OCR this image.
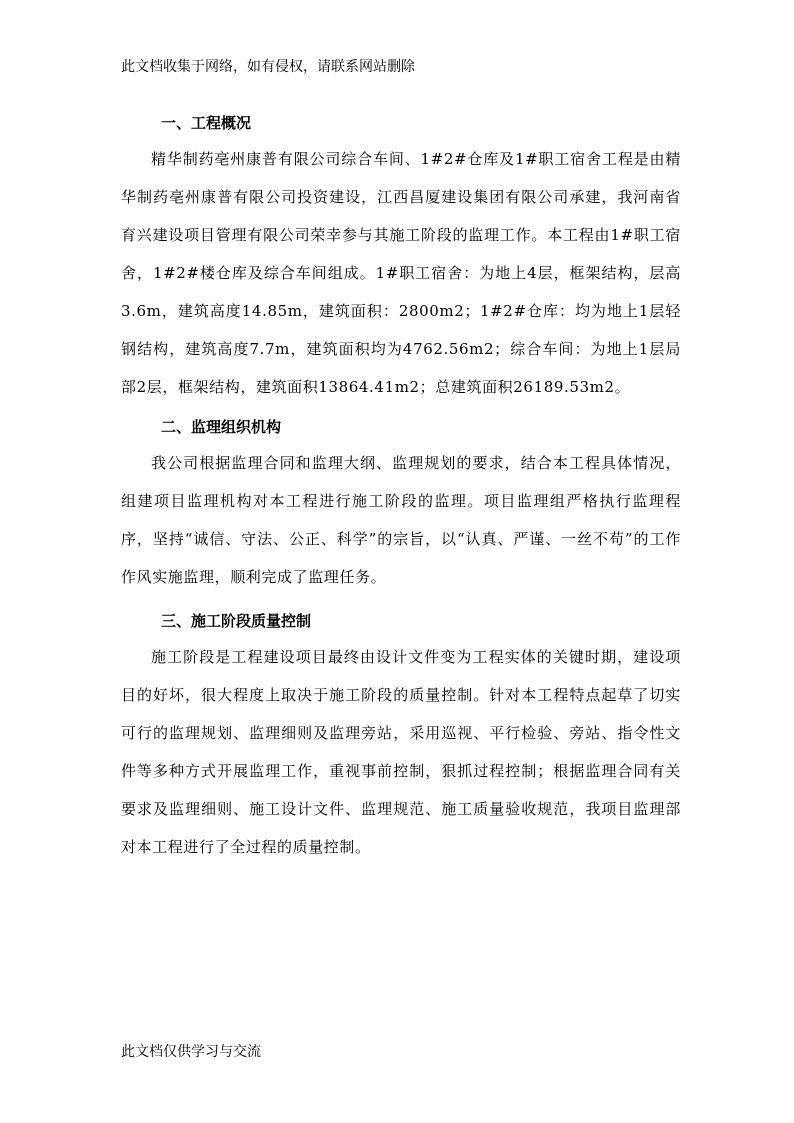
此文档收集于网络，如有侵权，请联系网站删除
一、工程概况

精华制药亳州康普有限公司综合车间、1#2#仓库及1#职工宿舍工程是由精华制药亳州康普有限公司投资建设，江西昌厦建设集团有限公司承建，我河南省育兴建设项目管理有限公司荣幸参与其施工阶段的监理工作。本工程由1#职工宿舍，1#2#楼仓库及综合车间组成。1#职工宿舍：为地上4层，框架结构，层高3.6m，建筑高度14.85m，建筑面积：2800m2；1#2#仓库：均为地上1层轻钢结构，建筑高度7.7m，建筑面积均为4762.56m2；综合车间：为地上1层局部2层，框架结构，建筑面积13864.41m2；总建筑面积26189.53m2。

二、监理组织机构

我公司根据监理合同和监理大纲、监理规划的要求，结合本工程具体情况，组建项目监理机构对本工程进行施工阶段的监理。项目监理组严格执行监理程序，坚持“诚信、守法、公正、科学”的宗旨，以“认真、严谨、一丝不苟”的工作作风实施监理，顺利完成了监理任务。

三、施工阶段质量控制

施工阶段是工程建设项目最终由设计文件变为工程实体的关键时期，建设项目的好坏，很大程度上取决于施工阶段的质量控制。针对本工程特点起草了切实可行的监理规划、监理细则及监理旁站，采用巡视、平行检验、旁站、指令性文件等多种方式开展监理工作，重视事前控制，狠抓过程控制；根据监理合同有关要求及监理细则、施工设计文件、监理规范、施工质量验收规范，我项目监理部对本工程进行了全过程的质量控制。

此文档仅供学习与交流
